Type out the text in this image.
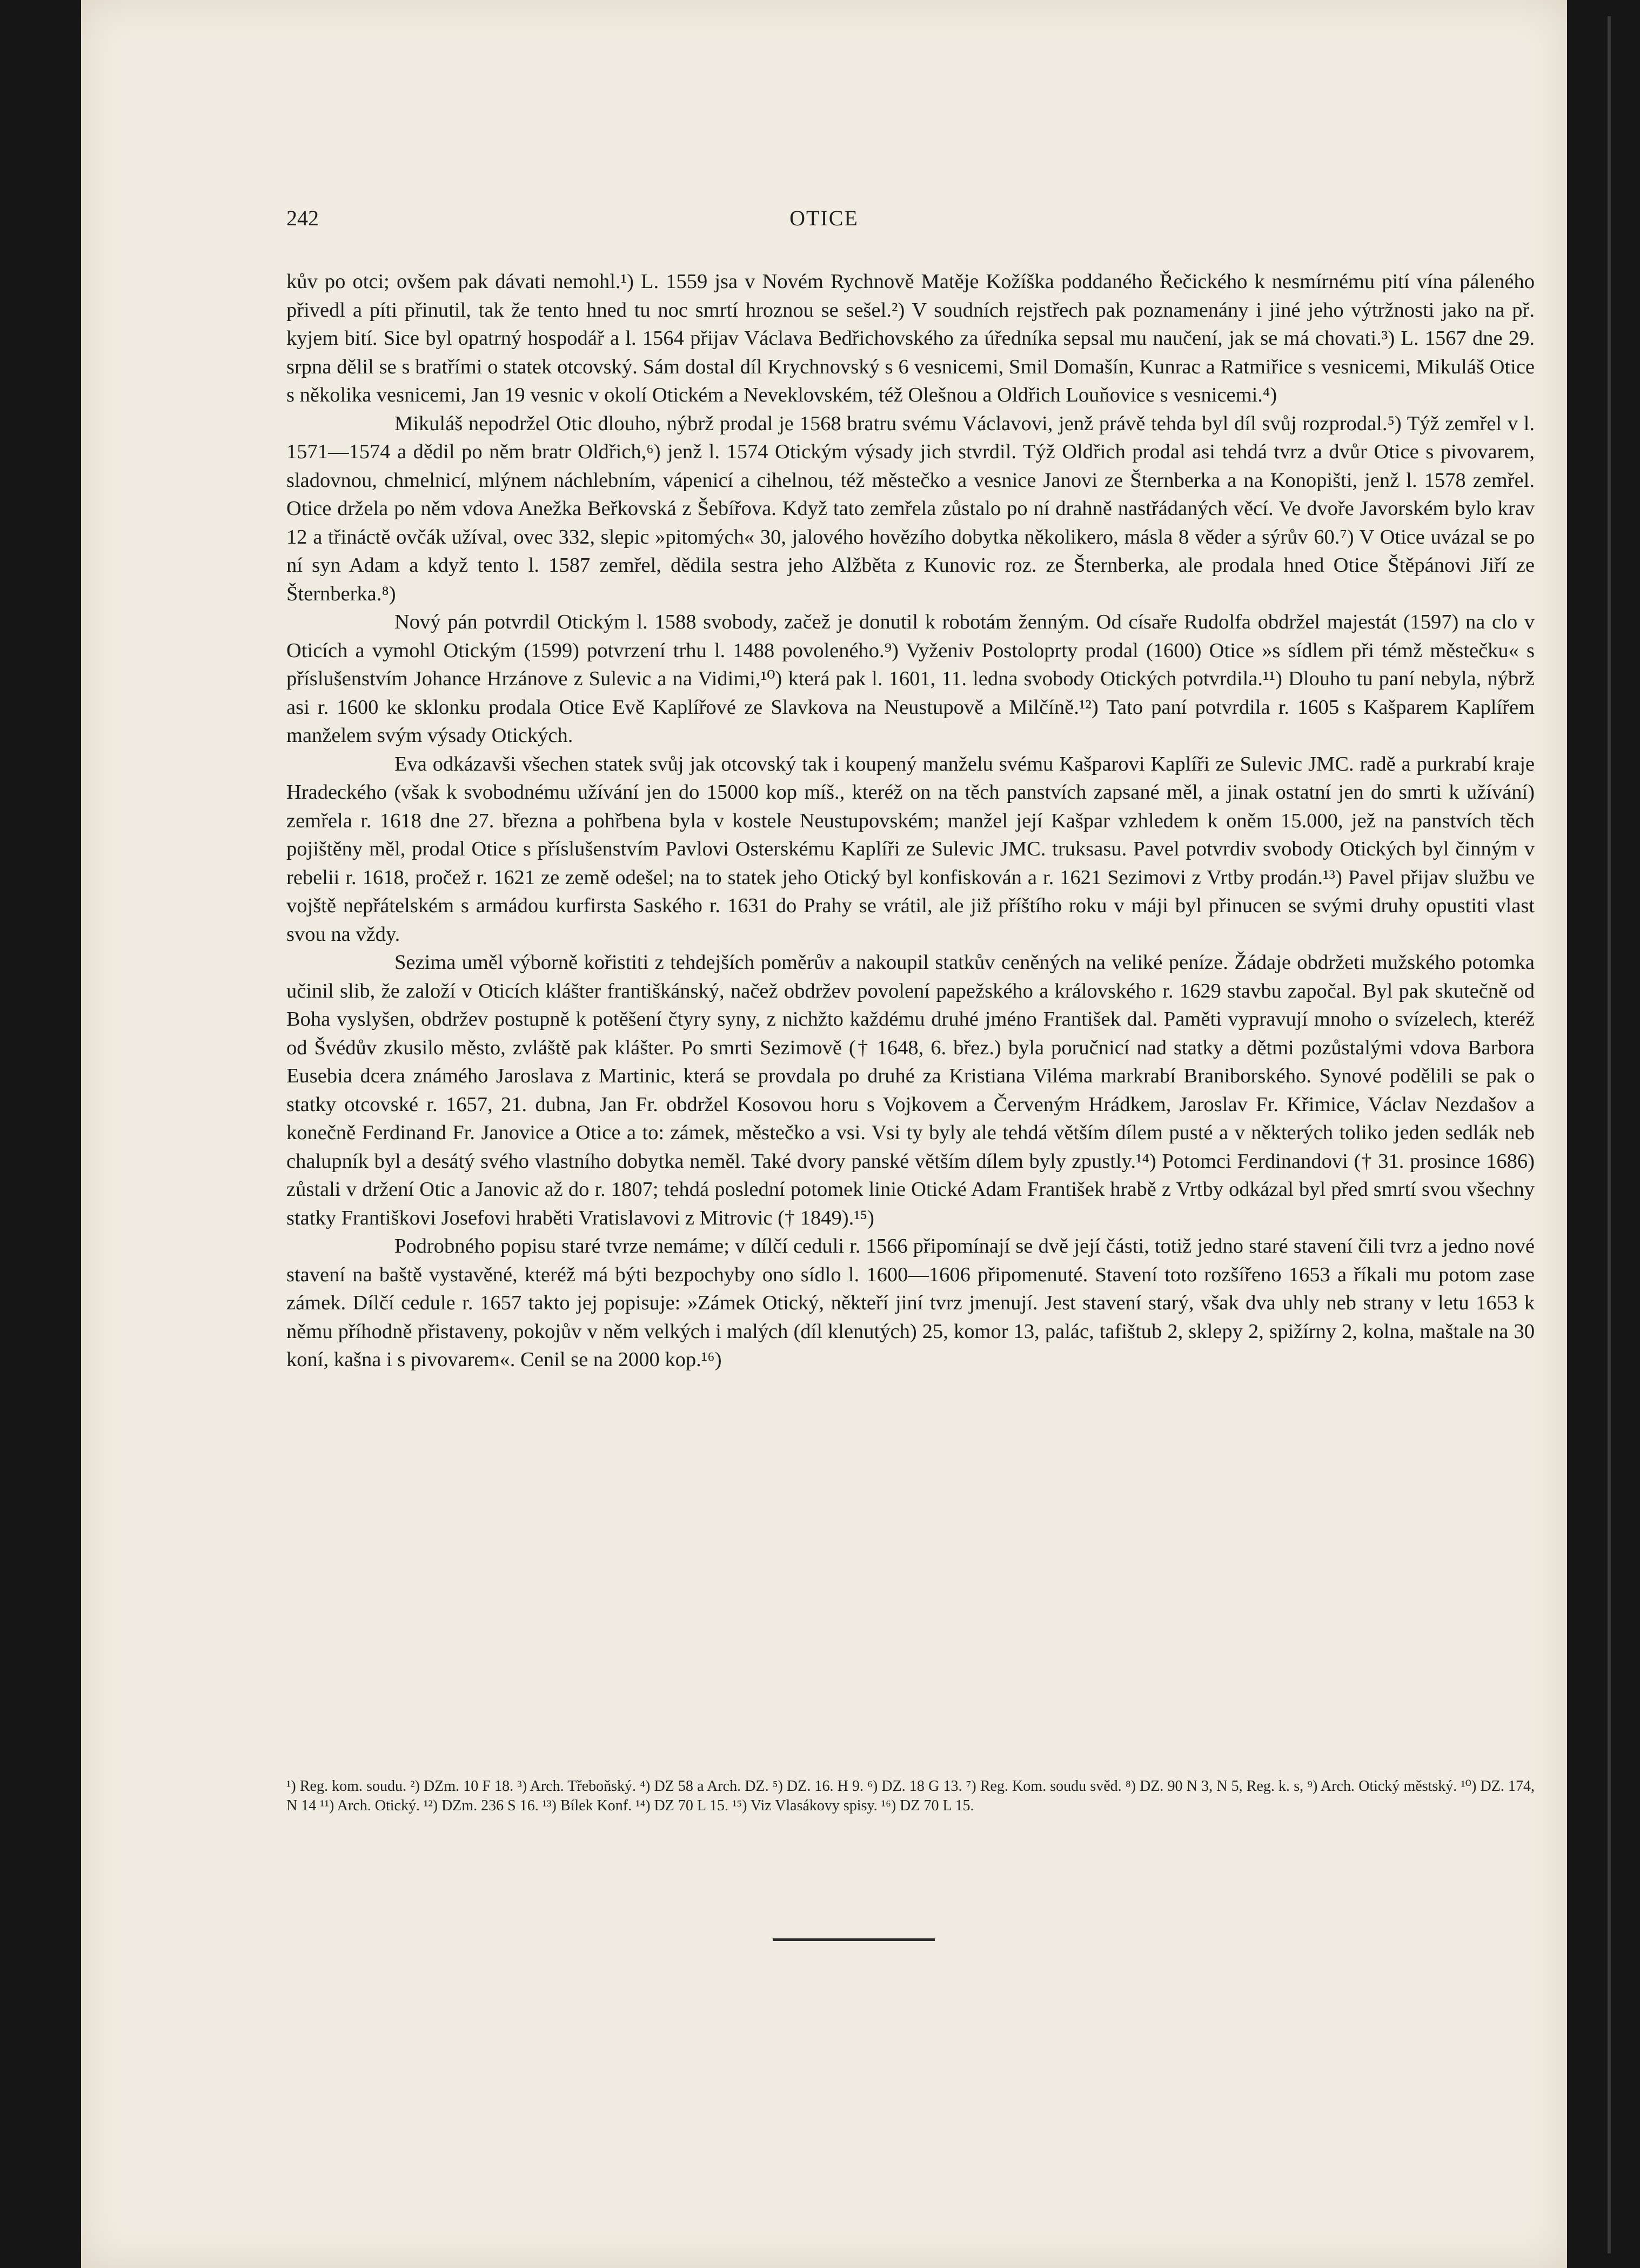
242	OTICE

kův po otci; ovšem pak dávati nemohl.¹) L. 1559 jsa v Novém Rychnově Matěje Kožíška poddaného Řečického k nesmírnému pití vína páleného přivedl a píti přinutil, tak že tento hned tu noc smrtí hroznou se sešel.²) V soudních rejstřech pak poznamenány i jiné jeho výtržnosti jako na př. kyjem bití. Sice byl opatrný hospodář a l. 1564 přijav Václava Bedřichovského za úředníka sepsal mu naučení, jak se má chovati.³) L. 1567 dne 29. srpna dělil se s bratřími o statek otcovský. Sám dostal díl Krychnovský s 6 vesnicemi, Smil Domašín, Kunrac a Ratmiřice s vesnicemi, Mikuláš Otice s několika vesnicemi, Jan 19 vesnic v okolí Otickém a Neveklovském, též Olešnou a Oldřich Louňovice s vesnicemi.⁴)

Mikuláš nepodržel Otic dlouho, nýbrž prodal je 1568 bratru svému Václavovi, jenž právě tehda byl díl svůj rozprodal.⁵) Týž zemřel v l. 1571—1574 a dědil po něm bratr Oldřich,⁶) jenž l. 1574 Otickým výsady jich stvrdil. Týž Oldřich prodal asi tehdá tvrz a dvůr Otice s pivovarem, sladovnou, chmelnicí, mlýnem náchlebním, vápenicí a cihelnou, též městečko a vesnice Janovi ze Šternberka a na Konopišti, jenž l. 1578 zemřel. Otice držela po něm vdova Anežka Beřkovská z Šebířova. Když tato zemřela zůstalo po ní drahně nastřádaných věcí. Ve dvoře Javorském bylo krav 12 a třináctě ovčák užíval, ovec 332, slepic »pitomých« 30, jalového hovězího dobytka několikero, másla 8 věder a sýrův 60.⁷) V Otice uvázal se po ní syn Adam a když tento l. 1587 zemřel, dědila sestra jeho Alžběta z Kunovic roz. ze Šternberka, ale prodala hned Otice Štěpánovi Jiří ze Šternberka.⁸)

Nový pán potvrdil Otickým l. 1588 svobody, začež je donutil k robotám ženným. Od císaře Rudolfa obdržel majestát (1597) na clo v Oticích a vymohl Otickým (1599) potvrzení trhu l. 1488 povoleného.⁹) Vyženiv Postoloprty prodal (1600) Otice »s sídlem při témž městečku« s příslušenstvím Johance Hrzánove z Sulevic a na Vidimi,¹⁰) která pak l. 1601, 11. ledna svobody Otických potvrdila.¹¹) Dlouho tu paní nebyla, nýbrž asi r. 1600 ke sklonku prodala Otice Evě Kaplířové ze Slavkova na Neustupově a Milčíně.¹²) Tato paní potvrdila r. 1605 s Kašparem Kaplířem manželem svým výsady Otických.

Eva odkázavši všechen statek svůj jak otcovský tak i koupený manželu svému Kašparovi Kaplíři ze Sulevic JMC. radě a purkrabí kraje Hradeckého (však k svobodnému užívání jen do 15000 kop míš., kteréž on na těch panstvích zapsané měl, a jinak ostatní jen do smrti k užívání) zemřela r. 1618 dne 27. března a pohřbena byla v kostele Neustupovském; manžel její Kašpar vzhledem k oněm 15.000, jež na panstvích těch pojištěny měl, prodal Otice s příslušenstvím Pavlovi Osterskému Kaplíři ze Sulevic JMC. truksasu. Pavel potvrdiv svobody Otických byl činným v rebelii r. 1618, pročež r. 1621 ze země odešel; na to statek jeho Otický byl konfiskován a r. 1621 Sezimovi z Vrtby prodán.¹³) Pavel přijav službu ve vojště nepřátelském s armádou kurfirsta Saského r. 1631 do Prahy se vrátil, ale již příštího roku v máji byl přinucen se svými druhy opustiti vlast svou na vždy.

Sezima uměl výborně kořistiti z tehdejších poměrův a nakoupil statkův ceněných na veliké peníze. Žádaje obdržeti mužského potomka učinil slib, že založí v Oticích klášter františkánský, načež obdržev povolení papežského a královského r. 1629 stavbu započal. Byl pak skutečně od Boha vyslyšen, obdržev postupně k potěšení čtyry syny, z nichžto každému druhé jméno František dal. Paměti vypravují mnoho o svízelech, kteréž od Švédův zkusilo město, zvláště pak klášter. Po smrti Sezimově († 1648, 6. břez.) byla poručnicí nad statky a dětmi pozůstalými vdova Barbora Eusebia dcera známého Jaroslava z Martinic, která se provdala po druhé za Kristiana Viléma markrabí Braniborského. Synové podělili se pak o statky otcovské r. 1657, 21. dubna, Jan Fr. obdržel Kosovou horu s Vojkovem a Červeným Hrádkem, Jaroslav Fr. Křimice, Václav Nezdašov a konečně Ferdinand Fr. Janovice a Otice a to: zámek, městečko a vsi. Vsi ty byly ale tehdá větším dílem pusté a v některých toliko jeden sedlák neb chalupník byl a desátý svého vlastního dobytka neměl. Také dvory panské větším dílem byly zpustly.¹⁴) Potomci Ferdinandovi († 31. prosince 1686) zůstali v držení Otic a Janovic až do r. 1807; tehdá poslední potomek linie Otické Adam František hrabě z Vrtby odkázal byl před smrtí svou všechny statky Františkovi Josefovi hraběti Vratislavovi z Mitrovic († 1849).¹⁵)

Podrobného popisu staré tvrze nemáme; v dílčí ceduli r. 1566 připomínají se dvě její části, totiž jedno staré stavení čili tvrz a jedno nové stavení na baště vystavěné, kteréž má býti bezpochyby ono sídlo l. 1600—1606 připomenuté. Stavení toto rozšířeno 1653 a říkali mu potom zase zámek. Dílčí cedule r. 1657 takto jej popisuje: »Zámek Otický, někteří jiní tvrz jmenují. Jest stavení starý, však dva uhly neb strany v letu 1653 k němu příhodně přistaveny, pokojův v něm velkých i malých (díl klenutých) 25, komor 13, palác, tafištub 2, sklepy 2, spižírny 2, kolna, maštale na 30 koní, kašna i s pivovarem«. Cenil se na 2000 kop.¹⁶)

¹) Reg. kom. soudu. ²) DZm. 10 F 18. ³) Arch. Třeboňský. ⁴) DZ 58 a Arch. DZ. ⁵) DZ. 16. H 9. ⁶) DZ. 18 G 13. ⁷) Reg. Kom. soudu svěd. ⁸) DZ. 90 N 3, N 5, Reg. k. s, ⁹) Arch. Otický městský. ¹⁰) DZ. 174, N 14 ¹¹) Arch. Otický. ¹²) DZm. 236 S 16. ¹³) Bílek Konf. ¹⁴) DZ 70 L 15. ¹⁵) Viz Vlasákovy spisy. ¹⁶) DZ 70 L 15.
